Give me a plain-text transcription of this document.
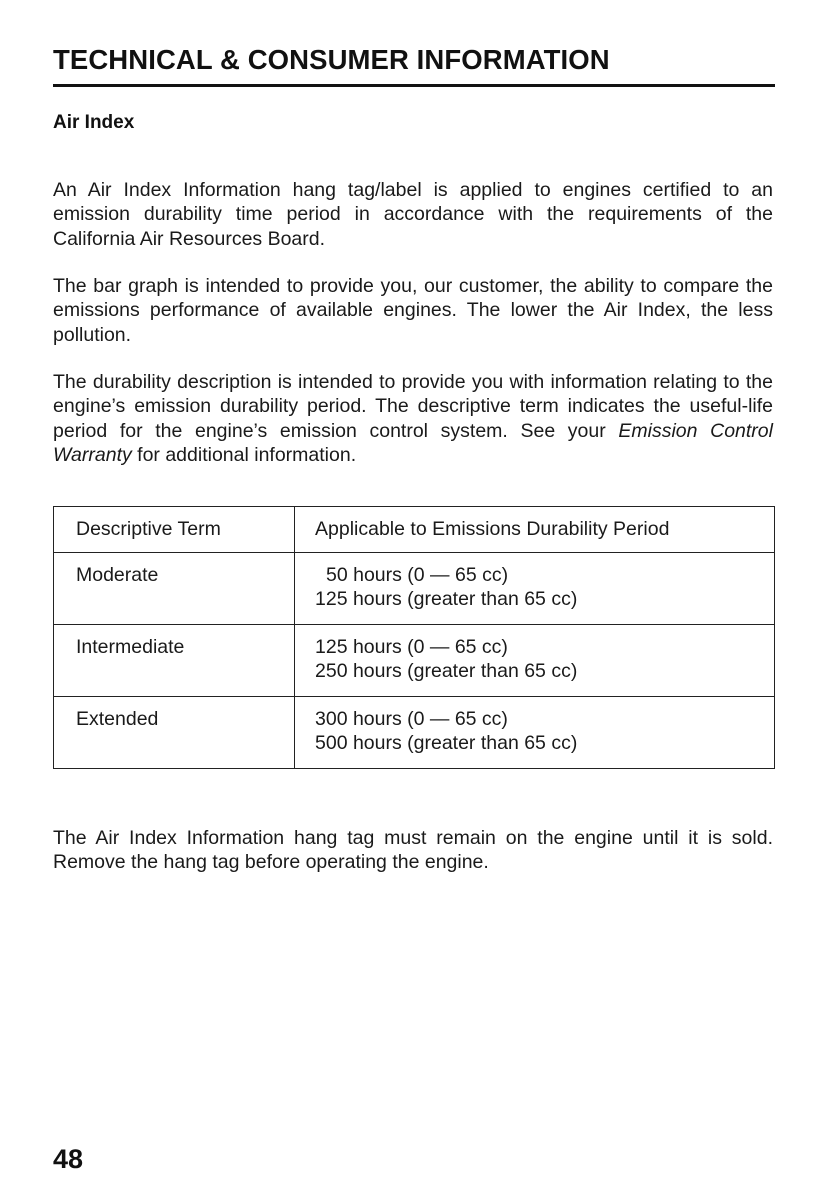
TECHNICAL & CONSUMER INFORMATION
Air Index

An Air Index Information hang tag/label is applied to engines certified to an emission durability time period in accordance with the requirements of the California Air Resources Board.

The bar graph is intended to provide you, our customer, the ability to compare the emissions performance of available engines. The lower the Air Index, the less pollution.

The durability description is intended to provide you with information relating to the engine’s emission durability period. The descriptive term indicates the useful-life period for the engine’s emission control system. See your Emission Control Warranty for additional information.

Descriptive Term	Applicable to Emissions Durability Period
Moderate	50 hours (0 — 65 cc)
125 hours (greater than 65 cc)
Intermediate	125 hours (0 — 65 cc)
250 hours (greater than 65 cc)
Extended	300 hours (0 — 65 cc)
500 hours (greater than 65 cc)

The Air Index Information hang tag must remain on the engine until it is sold. Remove the hang tag before operating the engine.

48
